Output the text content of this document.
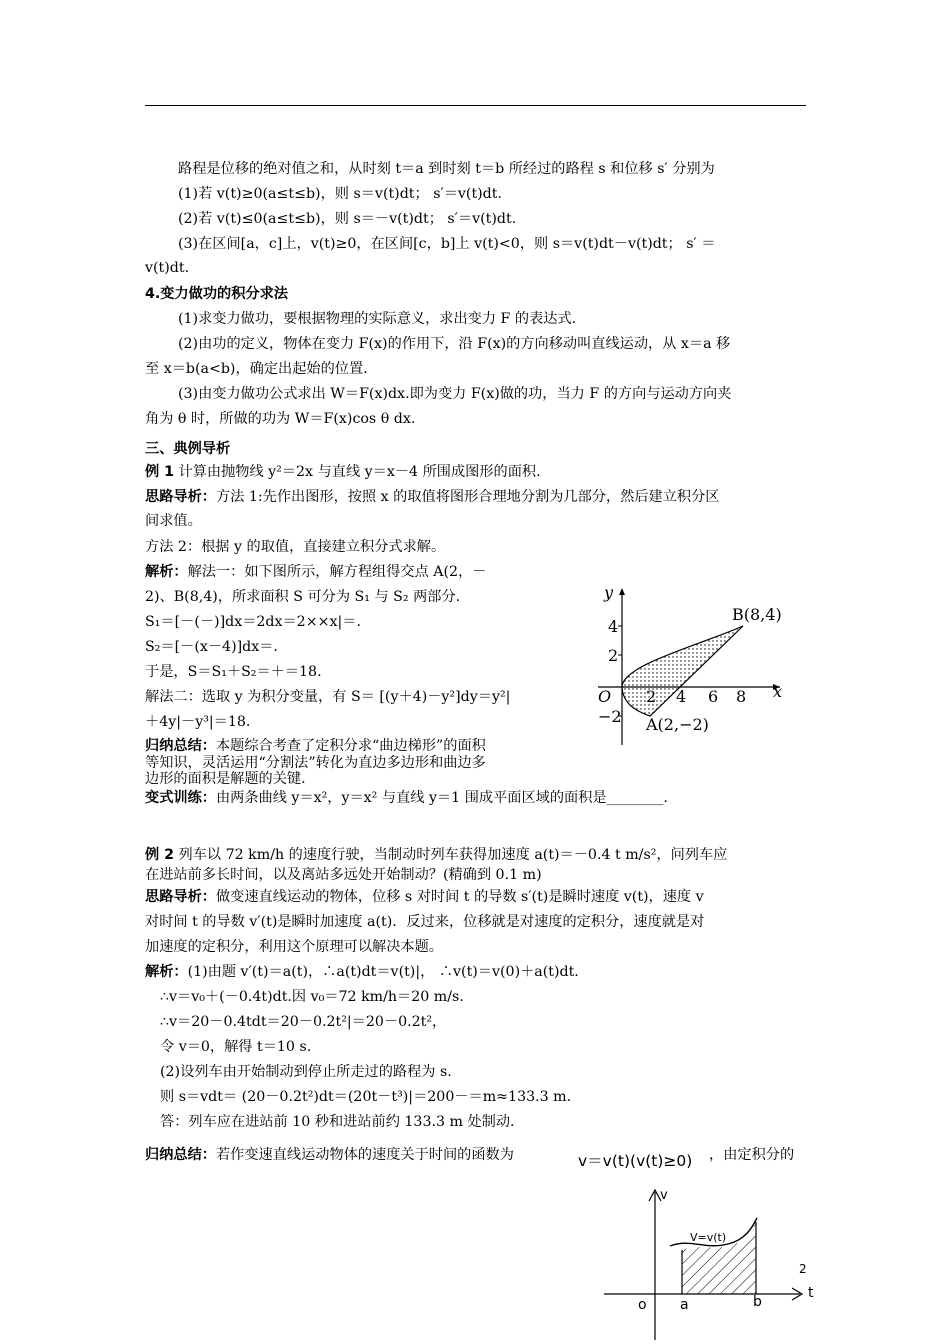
路程是位移的绝对值之和，从时刻 t＝a 到时刻 t＝b 所经过的路程 s 和位移 s′ 分别为
(1)若 v(t)≥0(a≤t≤b)，则 s＝v(t)dt； s′＝v(t)dt.
(2)若 v(t)≤0(a≤t≤b)，则 s＝－v(t)dt； s′＝v(t)dt.
(3)在区间[a，c]上，v(t)≥0，在区间[c，b]上 v(t)<0，则 s＝v(t)dt－v(t)dt； s′ ＝
v(t)dt.
4.变力做功的积分求法
(1)求变力做功，要根据物理的实际意义，求出变力 F 的表达式.
(2)由功的定义，物体在变力 F(x)的作用下，沿 F(x)的方向移动叫直线运动，从 x＝a 移
至 x＝b(a<b)，确定出起始的位置.
(3)由变力做功公式求出 W＝F(x)dx.即为变力 F(x)做的功，当力 F 的方向与运动方向夹
角为 θ 时，所做的功为 W＝F(x)cos θ dx.
三、典例导析
例 1 计算由抛物线 y²＝2x 与直线 y＝x－4 所围成图形的面积.
思路导析：方法 1:先作出图形，按照 x 的取值将图形合理地分割为几部分，然后建立积分区
间求值。
方法 2：根据 y 的取值，直接建立积分式求解。
解析：解法一：如下图所示，解方程组得交点 A(2，－
2)、B(8,4)，所求面积 S 可分为 S₁ 与 S₂ 两部分.
S₁＝[－(－)]dx＝2dx＝2××x|＝.
S₂＝[－(x－4)]dx＝.
于是，S＝S₁＋S₂＝＋＝18.
解法二：选取 y 为积分变量，有 S＝ [(y＋4)－y²]dy＝y²|
＋4y|－y³|＝18.
归纳总结：本题综合考查了定积分求“曲边梯形”的面积
等知识，灵活运用“分割法”转化为直边多边形和曲边多
边形的面积是解题的关键.
变式训练：由两条曲线 y＝x²，y＝x² 与直线 y＝1 围成平面区域的面积是________.
例 2 列车以 72 km/h 的速度行驶，当制动时列车获得加速度 a(t)＝－0.4 t m/s²，问列车应
在进站前多长时间，以及离站多远处开始制动？(精确到 0.1 m)
思路导析：做变速直线运动的物体，位移 s 对时间 t 的导数 s′(t)是瞬时速度 v(t)，速度 v
对时间 t 的导数 v′(t)是瞬时加速度 a(t)．反过来，位移就是对速度的定积分，速度就是对
加速度的定积分，利用这个原理可以解决本题。
解析：(1)由题 v′(t)＝a(t)，∴a(t)dt＝v(t)|， ∴v(t)＝v(0)＋a(t)dt.
∴v＝v₀＋(－0.4t)dt.因 v₀＝72 km/h＝20 m/s.
∴v＝20－0.4tdt＝20－0.2t²|＝20－0.2t²，
令 v＝0，解得 t＝10 s.
(2)设列车由开始制动到停止所走过的路程为 s.
则 s＝vdt＝ (20－0.2t²)dt＝(20t－t³)|＝200－＝m≈133.3 m.
答：列车应在进站前 10 秒和进站前约 133.3 m 处制动.
归纳总结：若作变速直线运动物体的速度关于时间的函数为	v＝v(t)(v(t)≥0) ，由定积分的
y
x
O 2 4 6 8
4
2
−2
B(8,4)
A(2,−2)
v
V=v(t)
2
t
o a	b
